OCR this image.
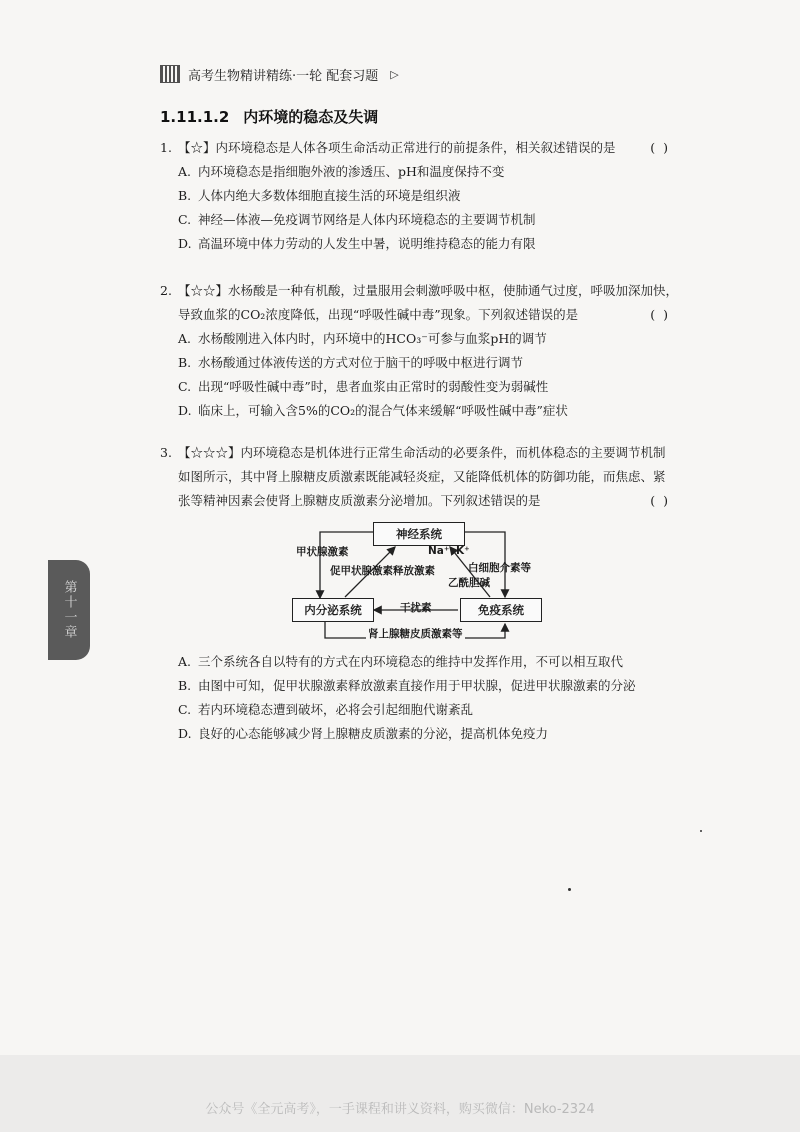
高考生物精讲精练·一轮 配套习题 ▷
1.11.1.2 内环境的稳态及失调
1. 【☆】内环境稳态是人体各项生命活动正常进行的前提条件，相关叙述错误的是	( )
A. 内环境稳态是指细胞外液的渗透压、pH和温度保持不变
B. 人体内绝大多数体细胞直接生活的环境是组织液
C. 神经—体液—免疫调节网络是人体内环境稳态的主要调节机制
D. 高温环境中体力劳动的人发生中暑，说明维持稳态的能力有限
2. 【☆☆】水杨酸是一种有机酸，过量服用会刺激呼吸中枢，使肺通气过度，呼吸加深加快，
导致血浆的CO₂浓度降低，出现“呼吸性碱中毒”现象。下列叙述错误的是	( )
A. 水杨酸刚进入体内时，内环境中的HCO₃⁻可参与血浆pH的调节
B. 水杨酸通过体液传送的方式对位于脑干的呼吸中枢进行调节
C. 出现“呼吸性碱中毒”时，患者血浆由正常时的弱酸性变为弱碱性
D. 临床上，可输入含5%的CO₂的混合气体来缓解“呼吸性碱中毒”症状
3. 【☆☆☆】内环境稳态是机体进行正常生命活动的必要条件，而机体稳态的主要调节机制
如图所示，其中肾上腺糖皮质激素既能减轻炎症，又能降低机体的防御功能，而焦虑、紧
张等精神因素会使肾上腺糖皮质激素分泌增加。下列叙述错误的是	( )
神经系统
内分泌系统	免疫系统
甲状腺激素
促甲状腺激素释放激素
Na⁺ K⁺
白细胞介素等
乙酰胆碱
干扰素
肾上腺糖皮质激素等
A. 三个系统各自以特有的方式在内环境稳态的维持中发挥作用，不可以相互取代
B. 由图中可知，促甲状腺激素释放激素直接作用于甲状腺，促进甲状腺激素的分泌
C. 若内环境稳态遭到破坏，必将会引起细胞代谢紊乱
D. 良好的心态能够减少肾上腺糖皮质激素的分泌，提高机体免疫力
第十一章
公众号《全元高考》，一手课程和讲义资料，购买微信：Neko-2324
